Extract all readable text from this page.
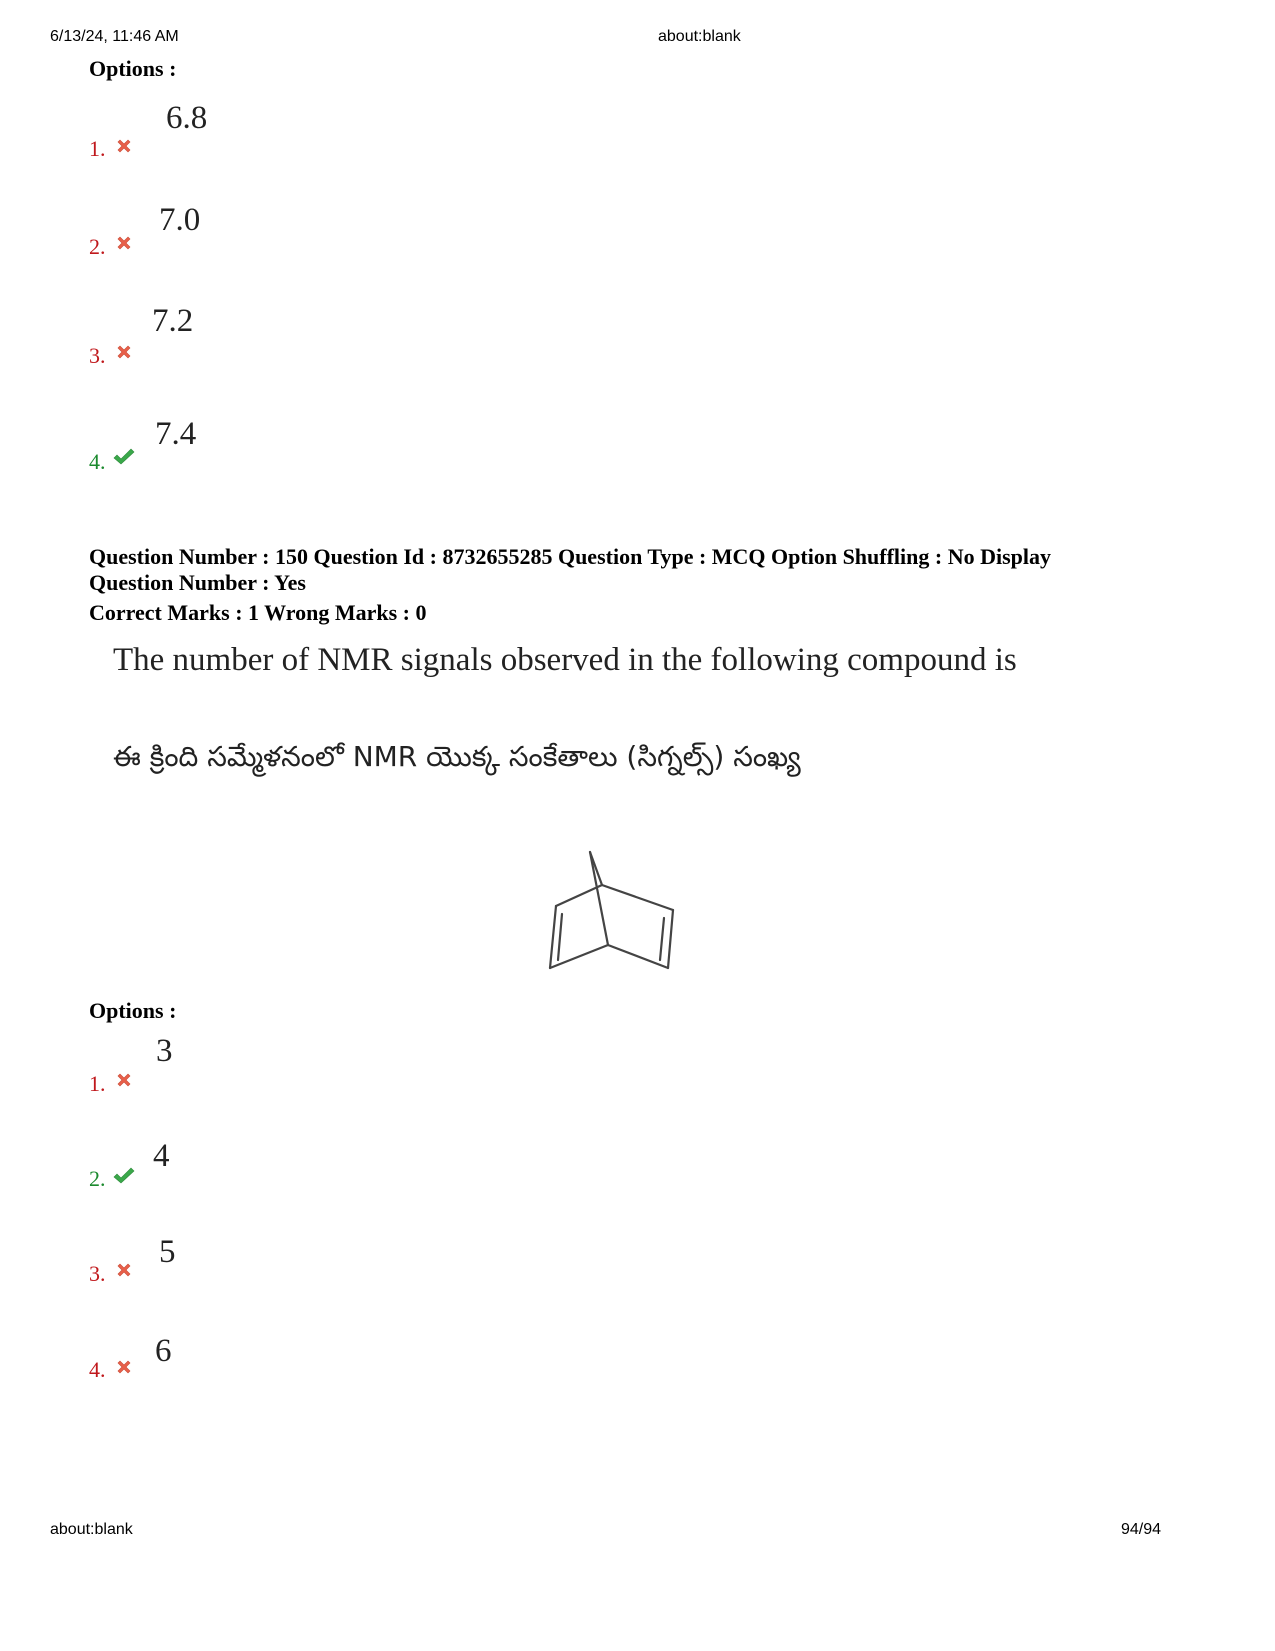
6/13/24, 11:46 AM	about:blank
Options :
1.
6.8
2.
7.0
3.
7.2
4.
7.4
Question Number : 150 Question Id : 8732655285 Question Type : MCQ Option Shuffling : No Display
Question Number : Yes
Correct Marks : 1 Wrong Marks : 0
The number of NMR signals observed in the following compound is
ఈ క్రింది సమ్మేళనంలో NMR యొక్క సంకేతాలు (సిగ్నల్స్) సంఖ్య
Options :
1.
3
2.
4
3.
5
4.
6
about:blank	94/94
